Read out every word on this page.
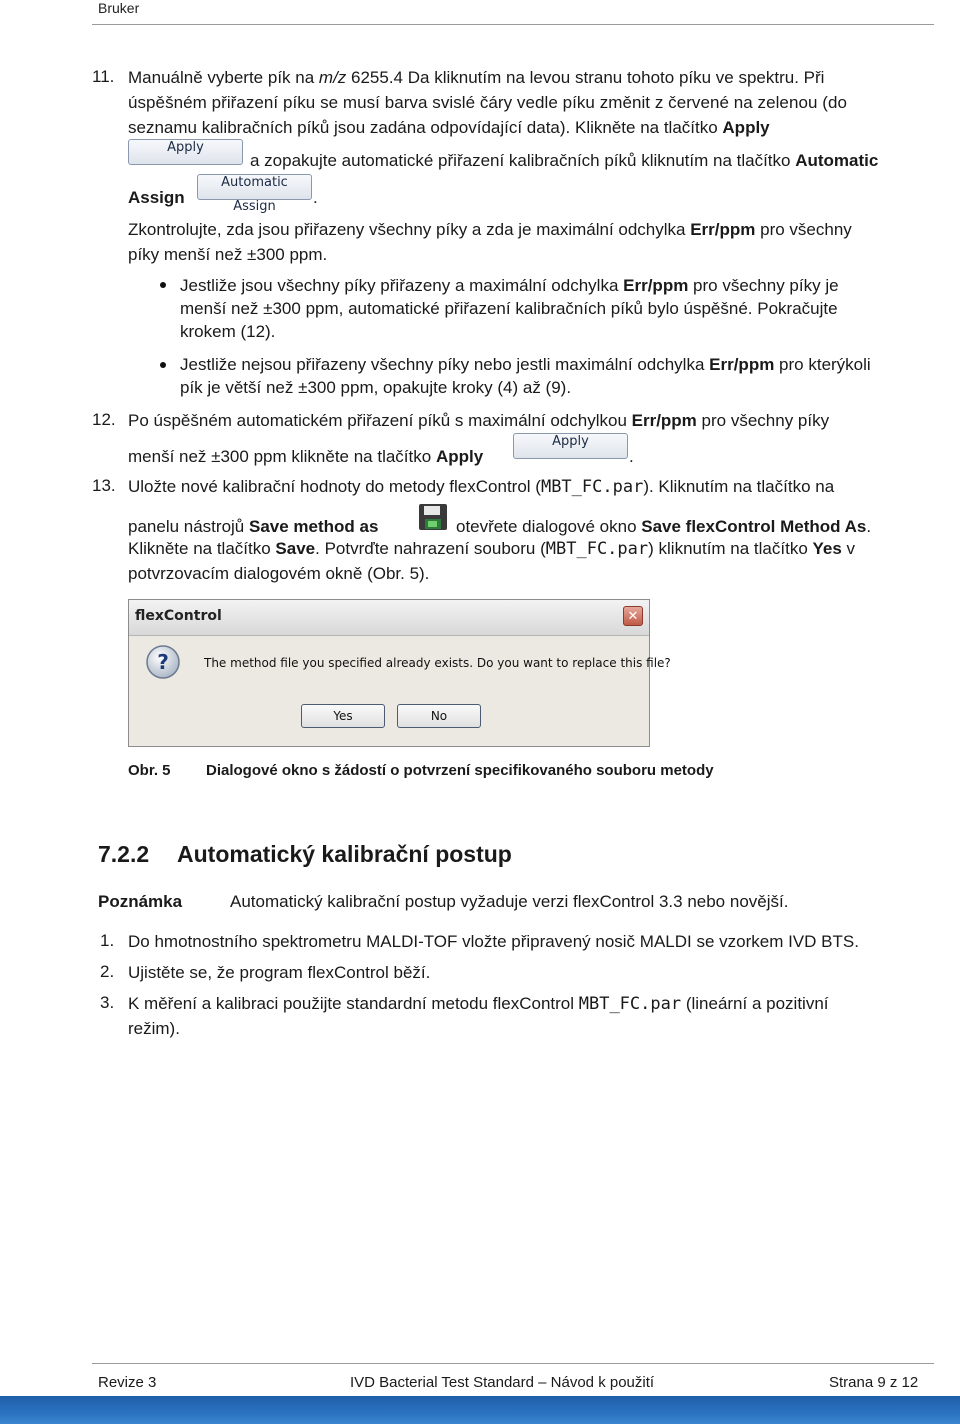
Bruker
11. Manuálně vyberte pík na m/z 6255.4 Da kliknutím na levou stranu tohoto píku ve spektru. Při
úspěšném přiřazení píku se musí barva svislé čáry vedle píku změnit z červené na zelenou (do
seznamu kalibračních píků jsou zadána odpovídající data). Klikněte na tlačítko Apply
Apply
a zopakujte automatické přiřazení kalibračních píků kliknutím na tlačítko Automatic
Assign
Automatic Assign	.
Zkontrolujte, zda jsou přiřazeny všechny píky a zda je maximální odchylka Err/ppm pro všechny
píky menší než ±300 ppm.
Jestliže jsou všechny píky přiřazeny a maximální odchylka Err/ppm pro všechny píky je
menší než ±300 ppm, automatické přiřazení kalibračních píků bylo úspěšné. Pokračujte
krokem (12).
Jestliže nejsou přiřazeny všechny píky nebo jestli maximální odchylka Err/ppm pro kterýkoli
pík je větší než ±300 ppm, opakujte kroky (4) až (9).
12. Po úspěšném automatickém přiřazení píků s maximální odchylkou Err/ppm pro všechny píky
menší než ±300 ppm klikněte na tlačítko Apply
Apply
.
13. Uložte nové kalibrační hodnoty do metody flexControl (MBT_FC.par). Kliknutím na tlačítko na
panelu nástrojů Save method as	otevřete dialogové okno Save flexControl Method As.
Klikněte na tlačítko Save. Potvrďte nahrazení souboru (MBT_FC.par) kliknutím na tlačítko Yes v
potvrzovacím dialogovém okně (Obr. 5).
flexControl	✕
?	The method file you specified already exists. Do you want to replace this file?
Yes	No
Obr. 5 Dialogové okno s žádostí o potvrzení specifikovaného souboru metody
7.2.2 Automatický kalibrační postup
Poznámka	Automatický kalibrační postup vyžaduje verzi flexControl 3.3 nebo novější.
1. Do hmotnostního spektrometru MALDI-TOF vložte připravený nosič MALDI se vzorkem IVD BTS.
2. Ujistěte se, že program flexControl běží.
3. K měření a kalibraci použijte standardní metodu flexControl MBT_FC.par (lineární a pozitivní
režim).
Revize 3	IVD Bacterial Test Standard – Návod k použití	Strana 9 z 12
